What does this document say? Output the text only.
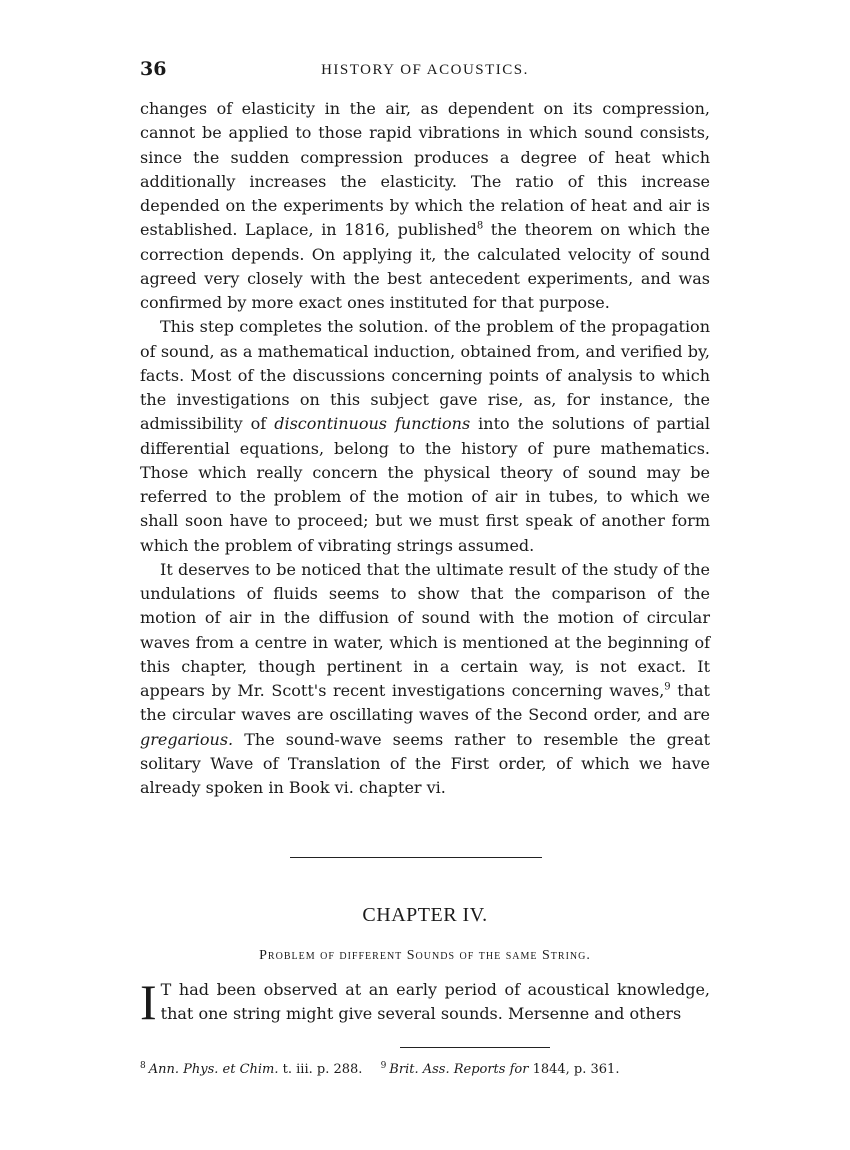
36	HISTORY OF ACOUSTICS.

changes of elasticity in the air, as dependent on its compression, cannot be applied to those rapid vibrations in which sound consists, since the sudden compression produces a degree of heat which additionally increases the elasticity. The ratio of this increase depended on the experiments by which the relation of heat and air is established. Laplace, in 1816, published$^8$ the theorem on which the correction depends. On applying it, the calculated velocity of sound agreed very closely with the best antecedent experiments, and was confirmed by more exact ones instituted for that purpose.

This step completes the solution. of the problem of the propagation of sound, as a mathematical induction, obtained from, and verified by, facts. Most of the discussions concerning points of analysis to which the investigations on this subject gave rise, as, for instance, the admissibility of discontinuous functions into the solutions of partial differential equations, belong to the history of pure mathematics. Those which really concern the physical theory of sound may be referred to the problem of the motion of air in tubes, to which we shall soon have to proceed; but we must first speak of another form which the problem of vibrating strings assumed.

It deserves to be noticed that the ultimate result of the study of the undulations of fluids seems to show that the comparison of the motion of air in the diffusion of sound with the motion of circular waves from a centre in water, which is mentioned at the beginning of this chapter, though pertinent in a certain way, is not exact. It appears by Mr. Scott's recent investigations concerning waves,$^9$ that the circular waves are oscillating waves of the Second order, and are gregarious. The sound-wave seems rather to resemble the great solitary Wave of Translation of the First order, of which we have already spoken in Book vi. chapter vi.

CHAPTER IV.
Problem of different Sounds of the same String.
I T had been observed at an early period of acoustical knowledge, that one string might give several sounds. Mersenne and others
$^8$ Ann. Phys. et Chim. t. iii. p. 288. $^9$ Brit. Ass. Reports for 1844, p. 361.
